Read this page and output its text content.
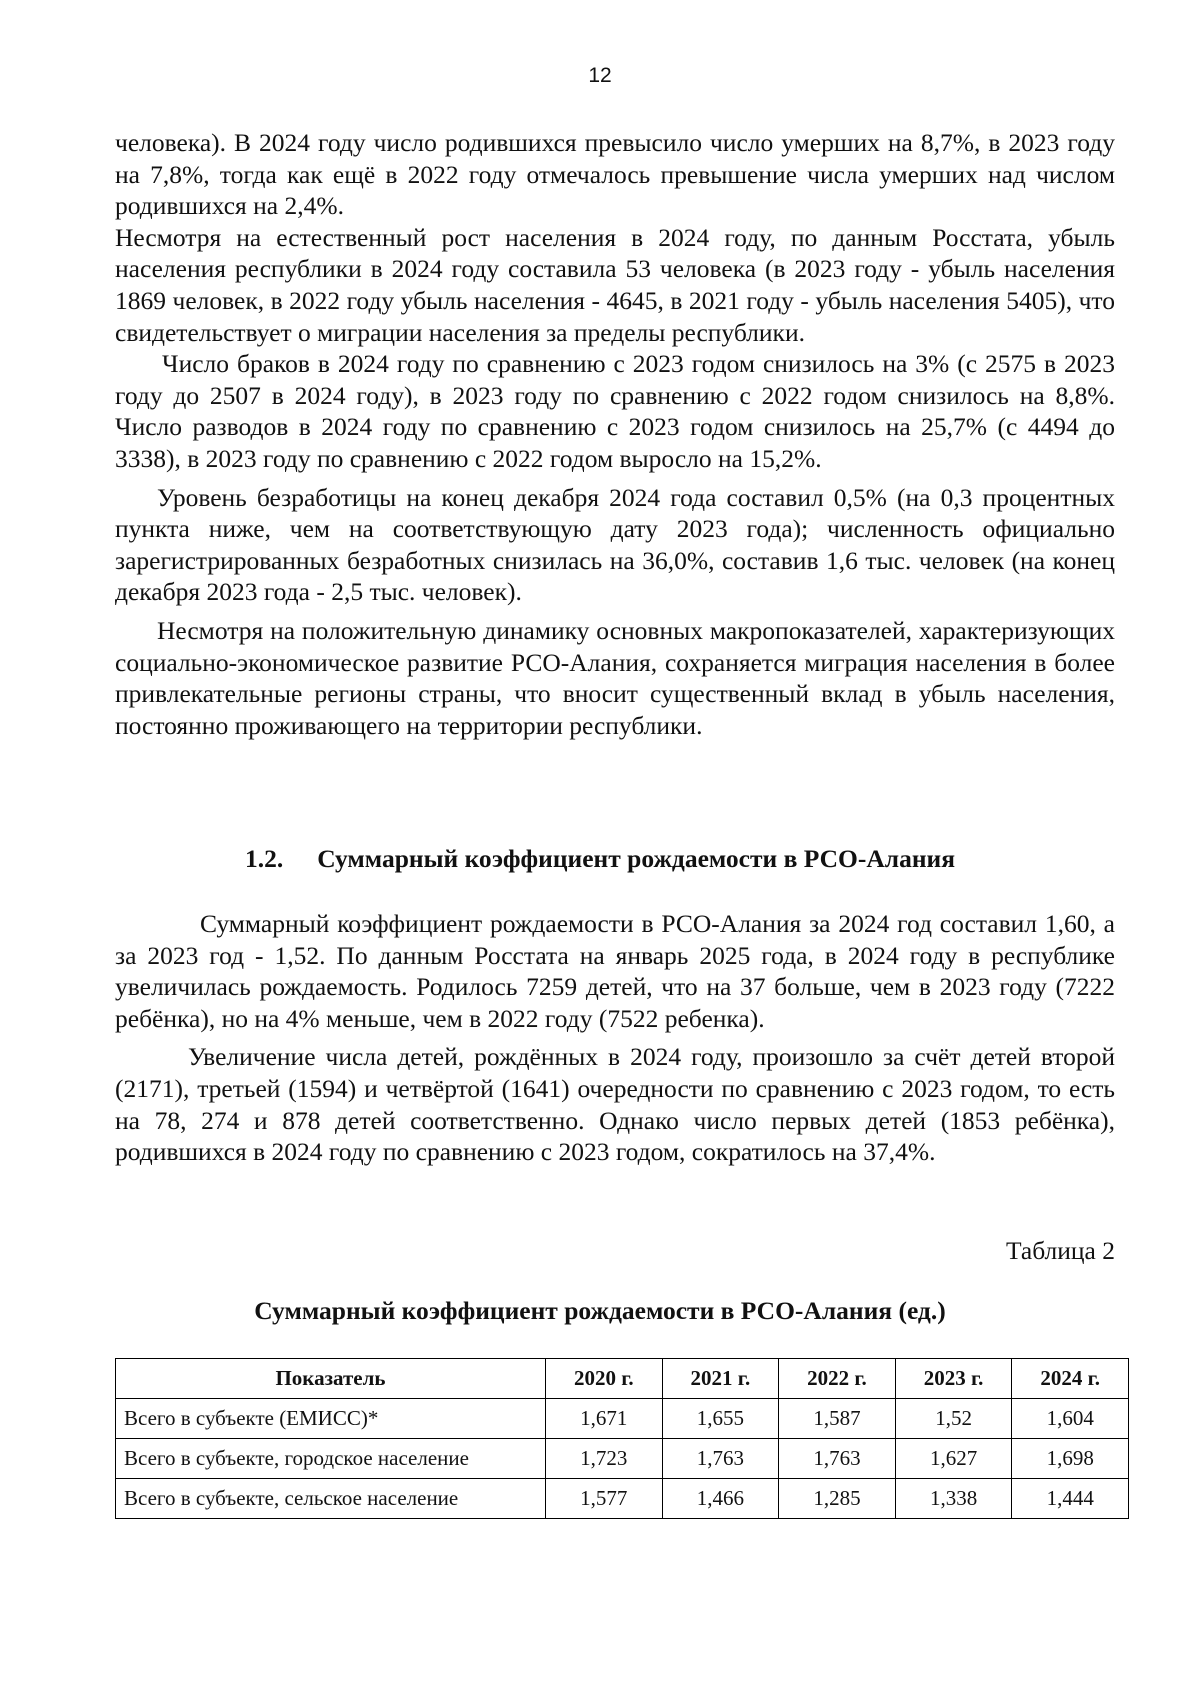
12

человека). В 2024 году число родившихся превысило число умерших на 8,7%, в 2023 году на 7,8%, тогда как ещё в 2022 году отмечалось превышение числа умерших над числом родившихся на 2,4%.

Несмотря на естественный рост населения в 2024 году, по данным Росстата, убыль населения республики в 2024 году составила 53 человека (в 2023 году - убыль населения 1869 человек, в 2022 году убыль населения - 4645, в 2021 году - убыль населения 5405), что свидетельствует о миграции населения за пределы республики.

Число браков в 2024 году по сравнению с 2023 годом снизилось на 3% (с 2575 в 2023 году до 2507 в 2024 году), в 2023 году по сравнению с 2022 годом снизилось на 8,8%. Число разводов в 2024 году по сравнению с 2023 годом снизилось на 25,7% (с 4494 до 3338), в 2023 году по сравнению с 2022 годом выросло на 15,2%.

Уровень безработицы на конец декабря 2024 года составил 0,5% (на 0,3 процентных пункта ниже, чем на соответствующую дату 2023 года); численность официально зарегистрированных безработных снизилась на 36,0%, составив 1,6 тыс. человек (на конец декабря 2023 года - 2,5 тыс. человек).

Несмотря на положительную динамику основных макропоказателей, характеризующих социально-экономическое развитие РСО-Алания, сохраняется миграция населения в более привлекательные регионы страны, что вносит существенный вклад в убыль населения, постоянно проживающего на территории республики.

1.2. Суммарный коэффициент рождаемости в РСО-Алания

Суммарный коэффициент рождаемости в РСО-Алания за 2024 год составил 1,60, а за 2023 год - 1,52. По данным Росстата на январь 2025 года, в 2024 году в республике увеличилась рождаемость. Родилось 7259 детей, что на 37 больше, чем в 2023 году (7222 ребёнка), но на 4% меньше, чем в 2022 году (7522 ребенка).

Увеличение числа детей, рождённых в 2024 году, произошло за счёт детей второй (2171), третьей (1594) и четвёртой (1641) очередности по сравнению с 2023 годом, то есть на 78, 274 и 878 детей соответственно. Однако число первых детей (1853 ребёнка), родившихся в 2024 году по сравнению с 2023 годом, сократилось на 37,4%.

Таблица 2
Суммарный коэффициент рождаемости в РСО-Алания (ед.)
Показатель	2020 г.	2021 г.	2022 г.	2023 г.	2024 г.
Всего в субъекте (ЕМИСС)*	1,671	1,655	1,587	1,52	1,604
Всего в субъекте, городское население	1,723	1,763	1,763	1,627	1,698
Всего в субъекте, сельское население	1,577	1,466	1,285	1,338	1,444
